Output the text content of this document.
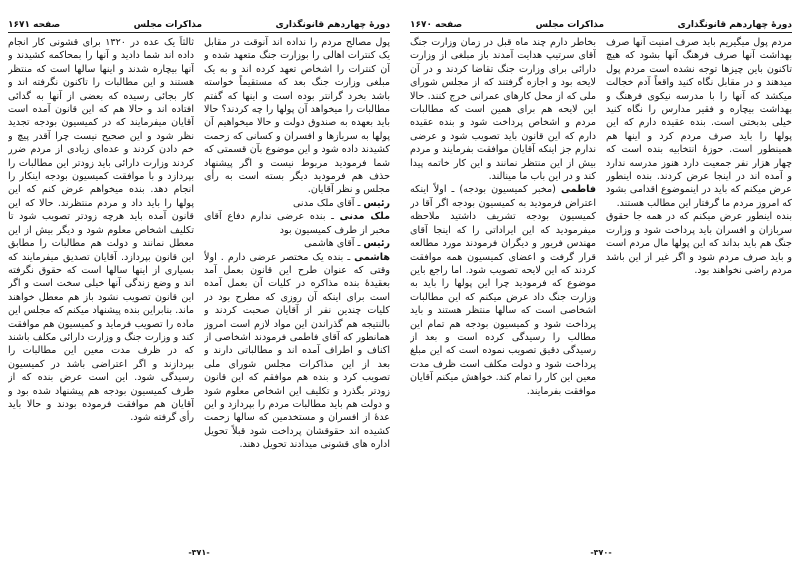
دورهٔ چهاردهم قانونگذاری
مذاکرات مجلس
صفحه ۱۶۷۱

پول مصالح مردم را نداده اند آنوقت در مقابل یک کنترات اهالی را بوزارت جنگ متعهد شده و آن کنترات را اشخاص تعهد کرده اند و به یک مبلغی وزارت جنگ بعد که مستقیماً خواسته باشد بخرد گرانتر بوده است و اینها که گفتم مطالبات را میخواهد آن پولها را چه کردند؟ حالا باید بعهده به صندوق دولت و حالا میخواهیم آن پولها به سربازها و افسران و کسانی که زحمت کشیدند داده شود و این موضوع بآن قسمتی که شما فرمودید مربوط نیست و اگر پیشنهاد حذف هم فرمودید دیگر بسته است به رأی مجلس و نظر آقایان.

رئیس ـ آقای ملک مدنی

ملک مدنی ـ بنده عرضی ندارم دفاع آقای مخبر از طرف کمیسیون بود

رئیس ـ آقای هاشمی

هاشمی ـ بنده یک مختصر عرضی دارم . اولاً وقتی که عنوان طرح این قانون بعمل آمد بعقیدهٔ بنده مذاکره در کلیات آن بعمل آمده است برای اینکه آن روزی که مطرح بود در کلیات چندین نفر از آقایان صحبت کردند و بالنتیجه هم گذراندن این مواد لازم است امروز همانطور که آقای فاطمی فرمودند اشخاصی از اکناف و اطراف آمده اند و مطالباتی دارند و بعد از این مذاکرات مجلس شورای ملی تصویب کرد و بنده هم موافقم که این قانون زودتر بگذرد و تکلیف این اشخاص معلوم شود و دولت هم باید مطالبات مردم را بپردازد و این عدهٔ از افسران و مستخدمین که سالها زحمت کشیده اند حقوقشان پرداخت شود قبلاً تحویل اداره های قشونی میدادند تحویل دهند.

ثالثاً یک عده در ۱۳۲۰ برای قشونی کار انجام داده اند شما دادید و آنها را بمحاکمه کشیدند و آنها بیچاره شدند و اینها سالها است که منتظر هستند و این مطالبات را تاکنون نگرفته اند و کار بجائی رسیده که بعضی از آنها به گدائی افتاده اند و حالا هم که این قانون آمده است آقایان میفرمایند که در کمیسیون بودجه تجدید نظر شود و این صحیح نیست چرا آقدر پیچ و خم دادن کردند و عده‌ای زیادی از مردم ضرر کردند وزارت دارائی باید زودتر این مطالبات را بپردازد و با موافقت کمیسیون بودجه اینکار را انجام دهد. بنده میخواهم عرض کنم که این پولها را باید داد و مردم منتظرند. حالا که این قانون آمده باید هرچه زودتر تصویب شود تا تکلیف اشخاص معلوم شود و دیگر بیش از این معطل نمانند و دولت هم مطالبات را مطابق این قانون بپردازد. آقایان تصدیق میفرمایند که بسیاری از اینها سالها است که حقوق نگرفته اند و وضع زندگی آنها خیلی سخت است و اگر این قانون تصویب نشود باز هم معطل خواهند ماند. بنابراین بنده پیشنهاد میکنم که مجلس این ماده را تصویب فرماید و کمیسیون هم موافقت کند و وزارت جنگ و وزارت دارائی مکلف باشند که در ظرف مدت معین این مطالبات را بپردازند و اگر اعتراضی باشد در کمیسیون رسیدگی شود. این است عرض بنده که از طرف کمیسیون بودجه هم پیشنهاد شده بود و آقایان هم موافقت فرموده بودند و حالا باید رأی گرفته شود.

-۳۷۱-
دورهٔ چهاردهم قانونگذاری
مذاکرات مجلس
صفحه ۱۶۷۰

مردم پول میگیریم باید صرف امنیت آنها صرف بهداشت آنها صرف فرهنگ آنها بشود که هیچ تاکنون باین چیزها توجه نشده است مردم پول میدهند و در مقابل نگاه کنید واقعاً آدم خجالت میکشد که آنها را با مدرسه نیکوی فرهنگ و بهداشت بیچاره و فقیر مدارس را نگاه کنید خیلی بدبختی است. بنده عقیده دارم که این پولها را باید صرف مردم کرد و اینها هم همینطور است. حوزهٔ انتخابیه بنده است که چهار هزار نفر جمعیت دارد هنوز مدرسه ندارد و آمده اند در اینجا عرض کردند. بنده اینطور عرض میکنم که باید در اینموضوع اقدامی بشود که امروز مردم ما گرفتار این مطالب هستند.

بنده اینطور عرض میکنم که در همه جا حقوق سربازان و افسران باید پرداخت شود و وزارت جنگ هم باید بداند که این پولها مال مردم است و باید صرف مردم شود و اگر غیر از این باشد مردم راضی نخواهند بود.

بخاطر دارم چند ماه قبل در زمان وزارت جنگ آقای سرتیپ هدایت آمدند باز مبلغی از وزارت دارائی برای وزارت جنگ تقاضا کردند و در آن لایحه بود و اجازه گرفتند که از مجلس شورای ملی که از محل کارهای عمرانی خرج کنند. حالا این لایحه هم برای همین است که مطالبات مردم و اشخاص پرداخت شود و بنده عقیده دارم که این قانون باید تصویب شود و عرضی ندارم جز اینکه آقایان موافقت بفرمایند و مردم بیش از این منتظر نمانند و این کار خاتمه پیدا کند و در این باب ما مینالند.

فاطمی (مخبر کمیسیون بودجه) ـ اولاً اینکه اعتراض فرمودید به کمیسیون بودجه اگر آقا در کمیسیون بودجه تشریف داشتید ملاحظه میفرمودید که این ایراداتی را که اینجا آقای مهندس فریور و دیگران فرمودند مورد مطالعه قرار گرفت و اعضای کمیسیون همه موافقت کردند که این لایحه تصویب شود. اما راجع باین موضوع که فرمودید چرا این پولها را باید به وزارت جنگ داد عرض میکنم که این مطالبات اشخاصی است که سالها منتظر هستند و باید پرداخت شود و کمیسیون بودجه هم تمام این مطالب را رسیدگی کرده است و بعد از رسیدگی دقیق تصویب نموده است که این مبلغ پرداخت شود و دولت مکلف است ظرف مدت معین این کار را تمام کند. خواهش میکنم آقایان موافقت بفرمایند.

-۳۷۰-
